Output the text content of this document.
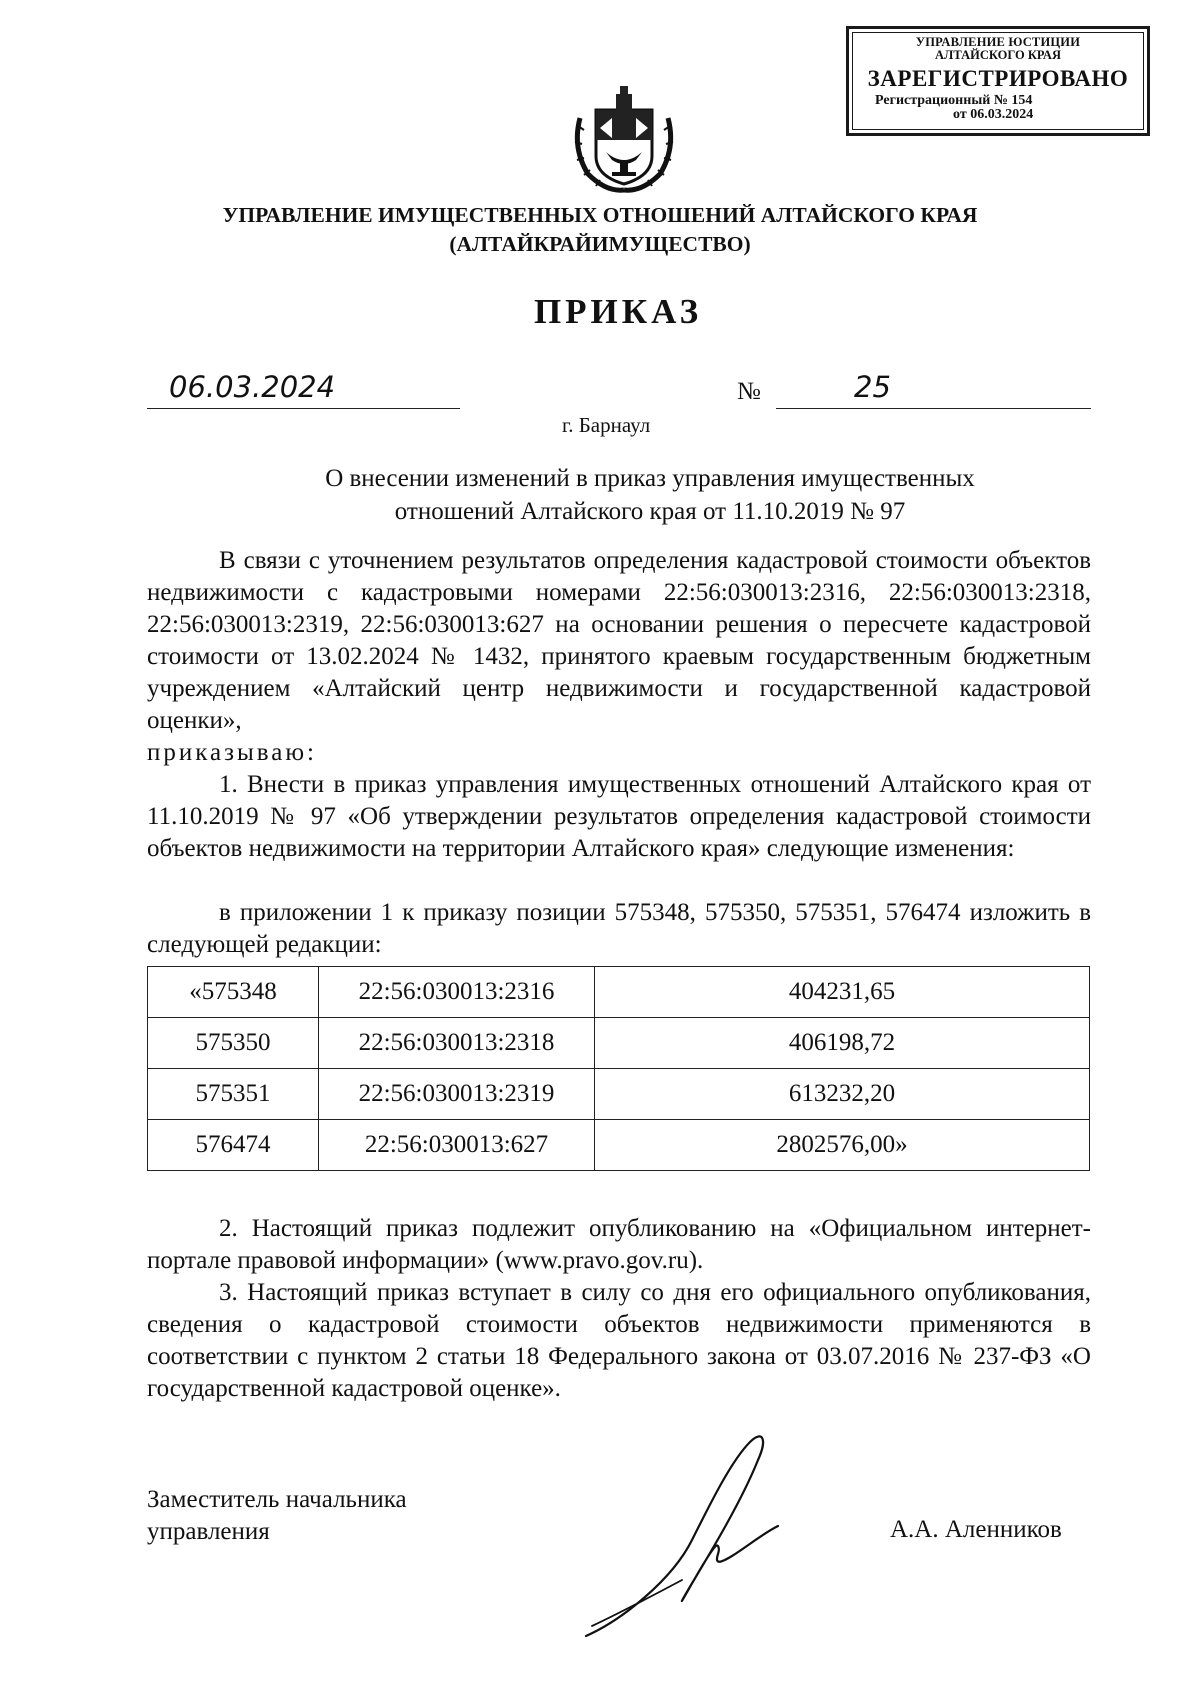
УПРАВЛЕНИЕ ЮСТИЦИИ
АЛТАЙСКОГО КРАЯ
ЗАРЕГИСТРИРОВАНО
Регистрационный № 154
от 06.03.2024
УПРАВЛЕНИЕ ИМУЩЕСТВЕННЫХ ОТНОШЕНИЙ АЛТАЙСКОГО КРАЯ
(АЛТАЙКРАЙИМУЩЕСТВО)
ПРИКАЗ
06.03.2024	№	25
г. Барнаул
О внесении изменений в приказ управления имущественных
отношений Алтайского края от 11.10.2019 № 97
В связи с уточнением результатов определения кадастровой стоимости объектов недвижимости с кадастровыми номерами 22:56:030013:2316, 22:56:030013:2318, 22:56:030013:2319, 22:56:030013:627 на основании решения о пересчете кадастровой стоимости от 13.02.2024 № 1432, принятого краевым государственным бюджетным учреждением «Алтайский центр недвижимости и государственной кадастровой оценки»,
приказываю:
1. Внести в приказ управления имущественных отношений Алтайского края от 11.10.2019 № 97 «Об утверждении результатов определения кадастровой стоимости объектов недвижимости на территории Алтайского края» следующие изменения:
в приложении 1 к приказу позиции 575348, 575350, 575351, 576474 изложить в следующей редакции:
«575348	22:56:030013:2316	404231,65
575350	22:56:030013:2318	406198,72
575351	22:56:030013:2319	613232,20
576474	22:56:030013:627	2802576,00»
2. Настоящий приказ подлежит опубликованию на «Официальном интернет-портале правовой информации» (www.pravo.gov.ru).
3. Настоящий приказ вступает в силу со дня его официального опубликования, сведения о кадастровой стоимости объектов недвижимости применяются в соответствии с пунктом 2 статьи 18 Федерального закона от 03.07.2016 № 237-ФЗ «О государственной кадастровой оценке».
Заместитель начальника
управления	А.А. Аленников
